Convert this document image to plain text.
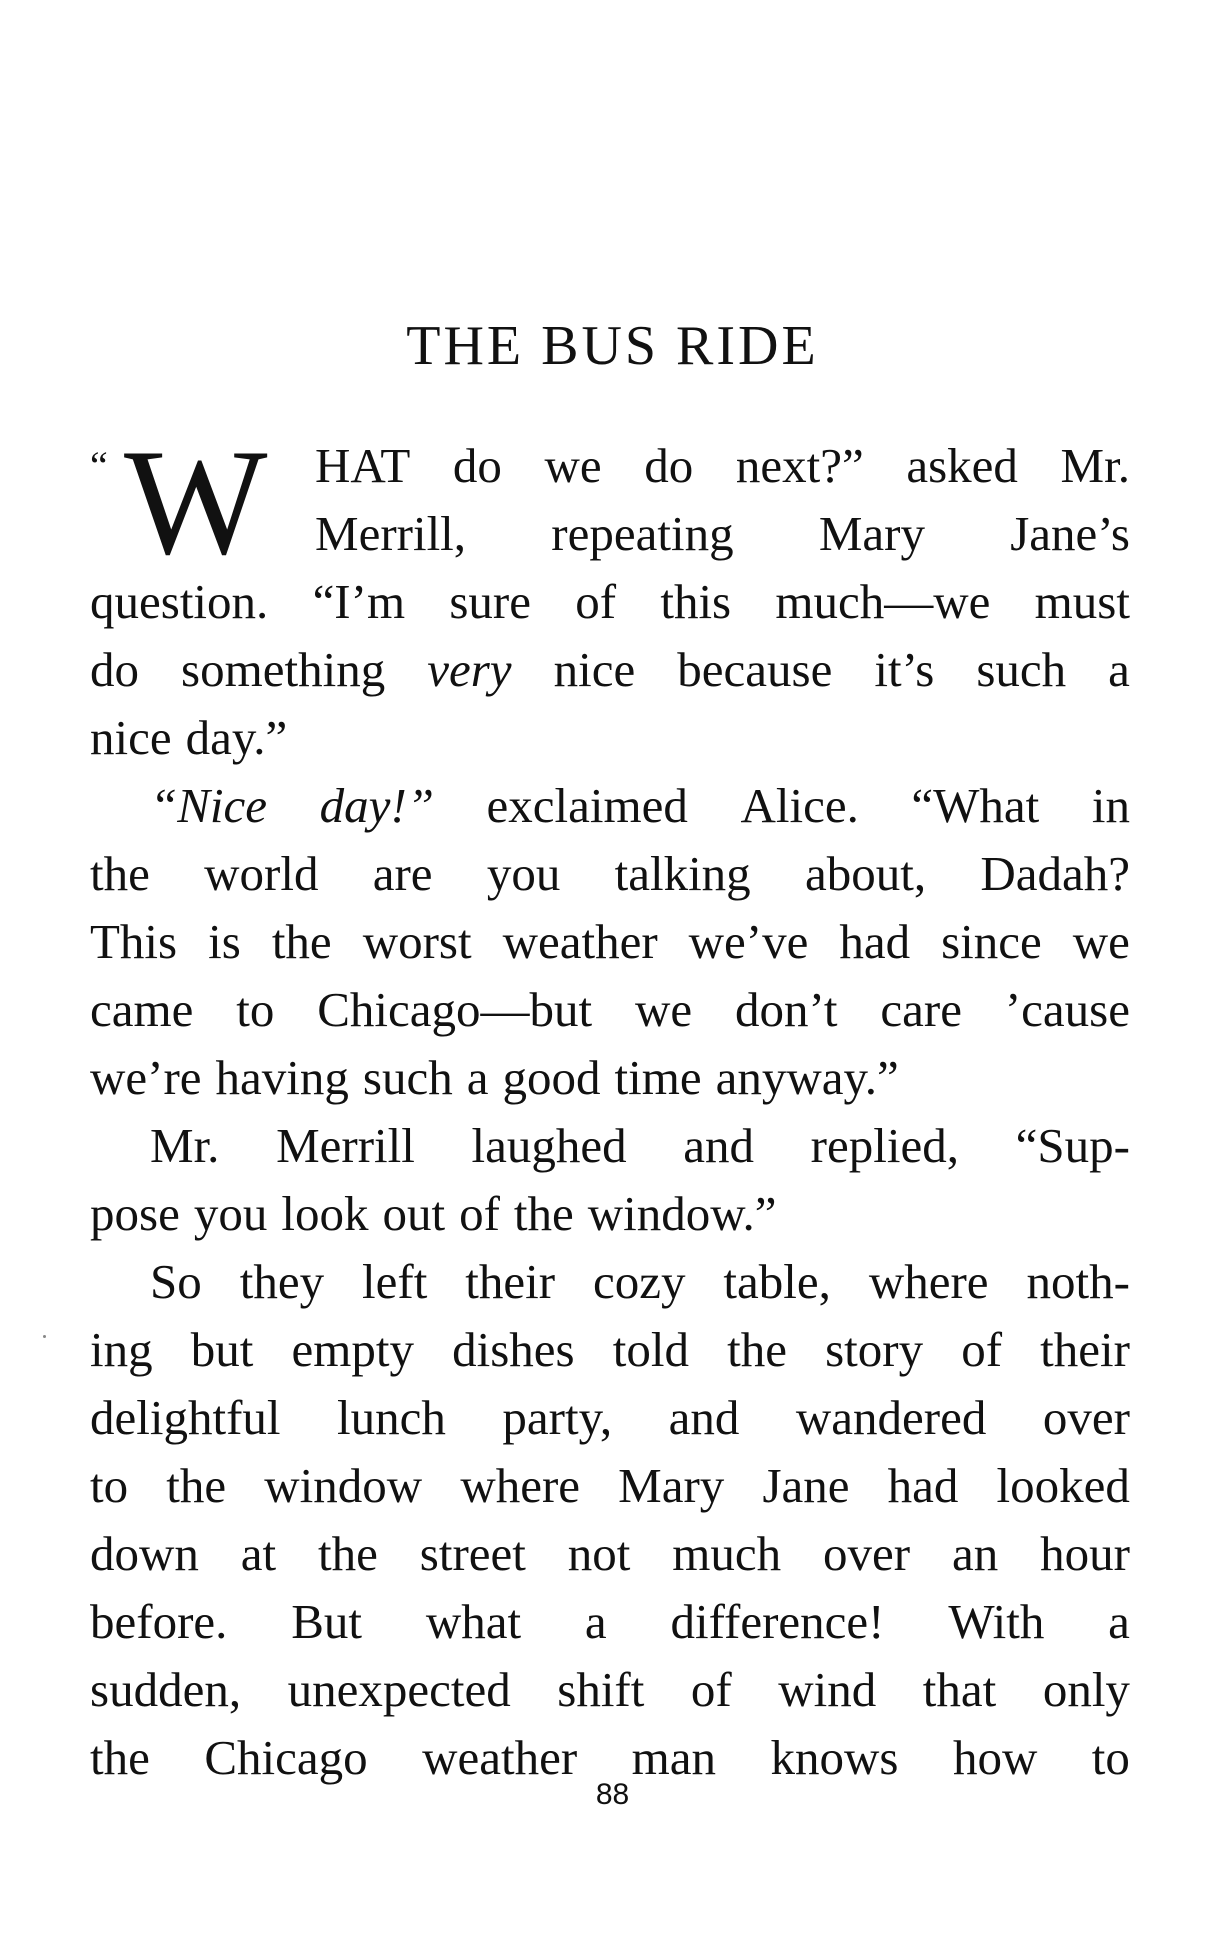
THE BUS RIDE
“ W HAT do we do next?” asked Mr.
Merrill, repeating Mary Jane’s
question. “I’m sure of this much—we must
do something very nice because it’s such a
nice day.”
“Nice day!” exclaimed Alice. “What in
the world are you talking about, Dadah?
This is the worst weather we’ve had since we
came to Chicago—but we don’t care ’cause
we’re having such a good time anyway.”
Mr. Merrill laughed and replied, “Sup-
pose you look out of the window.”
So they left their cozy table, where noth-
ing but empty dishes told the story of their
delightful lunch party, and wandered over
to the window where Mary Jane had looked
down at the street not much over an hour
before. But what a difference! With a
sudden, unexpected shift of wind that only
the Chicago weather man knows how to
88
